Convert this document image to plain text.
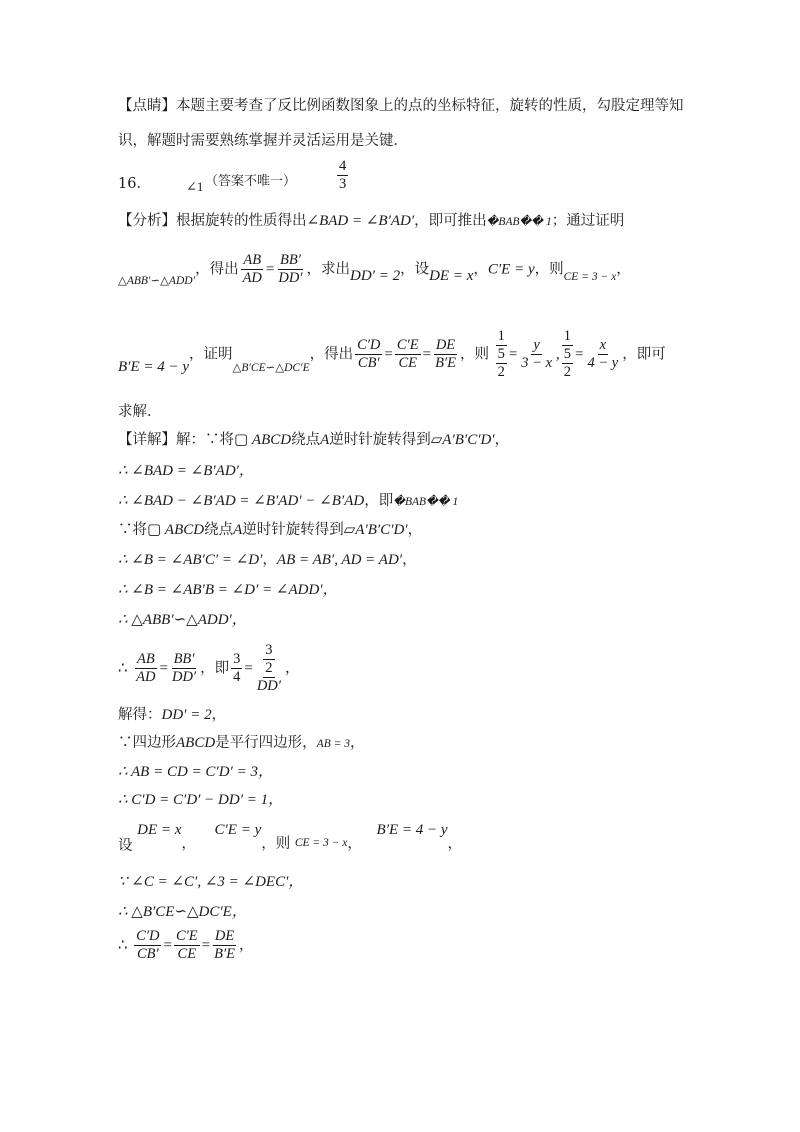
【点睛】本题主要考查了反比例函数图象上的点的坐标特征，旋转的性质，勾股定理等知
识，解题时需要熟练掌握并灵活运用是关键．
16．	∠1 （答案不唯一）	$\frac{4}{3}$
【分析】根据旋转的性质得出∠BAD = ∠B′AD′，即可推出�BAB�� 1；通过证明
$_{\triangle ABB'∽\triangle ADD'}$，得出 $\frac{AB}{AD} = \frac{BB'}{DD'}$ ，求出DD′ = 2，设DE = x，C′E = y，则$_{CE = 3 - x}$，
B′E = 4 − y，证明$_{\triangle B'CE∽\triangle DC'E}$，得出 $\frac{C'D}{CB'} = \frac{C'E}{CE} = \frac{DE}{B'E}$ ，则 $\frac{1}{\frac{5}{2}} = \frac{y}{3 - x}$ , $\frac{1}{\frac{5}{2}} = \frac{x}{4 - y}$ ，即可
求解．
【详解】解：∵将▢ ABCD绕点A逆时针旋转得到▱A′B′C′D′，
∴ ∠BAD = ∠B′AD′，
∴ ∠BAD − ∠B′AD = ∠B′AD′ − ∠B′AD，即�BAB�� 1
∵将▢ ABCD绕点A逆时针旋转得到▱A′B′C′D′，
∴ ∠B = ∠AB′C′ = ∠D′，AB = AB′, AD = AD′，
∴ ∠B = ∠AB′B = ∠D′ = ∠ADD′，
∴ △ABB′∽△ADD′，
∴ $\frac{AB}{AD} = \frac{BB'}{DD'}$ ，即 $\frac{3}{4} = \frac{\frac{3}{2}}{DD'}$ ，
解得：DD′ = 2，
∵四边形ABCD是平行四边形，AB = 3，
∴ AB = CD = C′D′ = 3，
∴ C′D = C′D′ − DD′ = 1，
设 DE = x， C′E = y，则 $_{CE = 3 - x}$， B′E = 4 − y，
∵ ∠C = ∠C′, ∠3 = ∠DEC′，
∴ △B′CE∽△DC′E，
∴ $\frac{C'D}{CB'} = \frac{C'E}{CE} = \frac{DE}{B'E}$ ，
